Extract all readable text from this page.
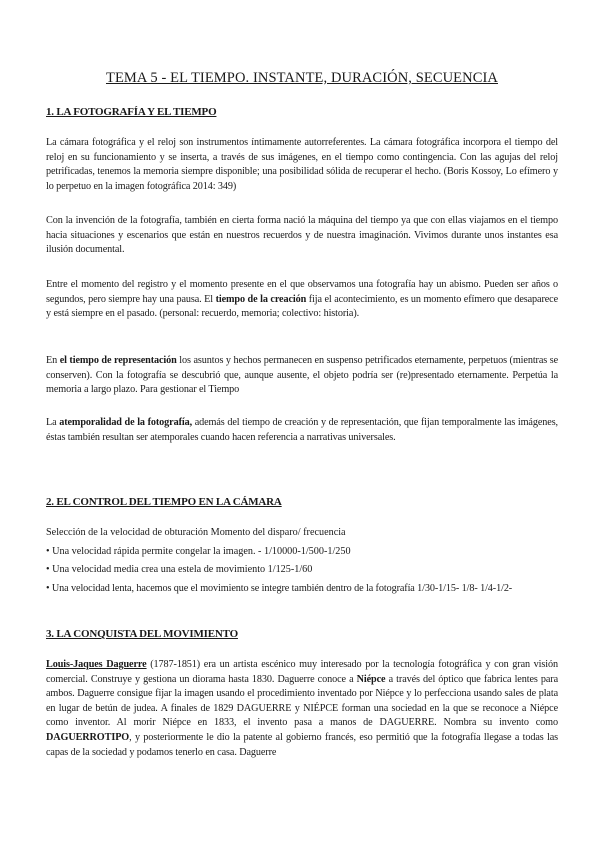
TEMA 5 - EL TIEMPO. INSTANTE, DURACIÓN, SECUENCIA
1. LA FOTOGRAFÍA Y EL TIEMPO

La cámara fotográfica y el reloj son instrumentos íntimamente autorreferentes. La cámara fotográfica incorpora el tiempo del reloj en su funcionamiento y se inserta, a través de sus imágenes, en el tiempo como contingencia. Con las agujas del reloj petrificadas, tenemos la memoria siempre disponible; una posibilidad sólida de recuperar el hecho. (Boris Kossoy, Lo efímero y lo perpetuo en la imagen fotográfica 2014: 349)

Con la invención de la fotografía, también en cierta forma nació la máquina del tiempo ya que con ellas viajamos en el tiempo hacia situaciones y escenarios que están en nuestros recuerdos y de nuestra imaginación. Vivimos durante unos instantes esa ilusión documental.

Entre el momento del registro y el momento presente en el que observamos una fotografía hay un abismo. Pueden ser años o segundos, pero siempre hay una pausa. El tiempo de la creación fija el acontecimiento, es un momento efímero que desaparece y está siempre en el pasado. (personal: recuerdo, memoria; colectivo: historia).

En el tiempo de representación los asuntos y hechos permanecen en suspenso petrificados eternamente, perpetuos (mientras se conserven). Con la fotografía se descubrió que, aunque ausente, el objeto podría ser (re)presentado eternamente. Perpetúa la memoria a largo plazo. Para gestionar el Tiempo

La atemporalidad de la fotografía, además del tiempo de creación y de representación, que fijan temporalmente las imágenes, éstas también resultan ser atemporales cuando hacen referencia a narrativas universales.

2. EL CONTROL DEL TIEMPO EN LA CÁMARA

Selección de la velocidad de obturación Momento del disparo/ frecuencia

• Una velocidad rápida permite congelar la imagen. - 1/10000-1/500-1/250

• Una velocidad media crea una estela de movimiento 1/125-1/60

• Una velocidad lenta, hacemos que el movimiento se integre también dentro de la fotografía 1/30-1/15- 1/8- 1/4-1/2-

3. LA CONQUISTA DEL MOVIMIENTO

Louis-Jaques Daguerre (1787-1851) era un artista escénico muy interesado por la tecnología fotográfica y con gran visión comercial. Construye y gestiona un diorama hasta 1830. Daguerre conoce a Niépce a través del óptico que fabrica lentes para ambos. Daguerre consigue fijar la imagen usando el procedimiento inventado por Niépce y lo perfecciona usando sales de plata en lugar de betún de judea. A finales de 1829 DAGUERRE y NIÉPCE forman una sociedad en la que se reconoce a Niépce como inventor. Al morir Niépce en 1833, el invento pasa a manos de DAGUERRE. Nombra su invento como DAGUERROTIPO, y posteriormente le dio la patente al gobierno francés, eso permitió que la fotografía llegase a todas las capas de la sociedad y podamos tenerlo en casa. Daguerre
